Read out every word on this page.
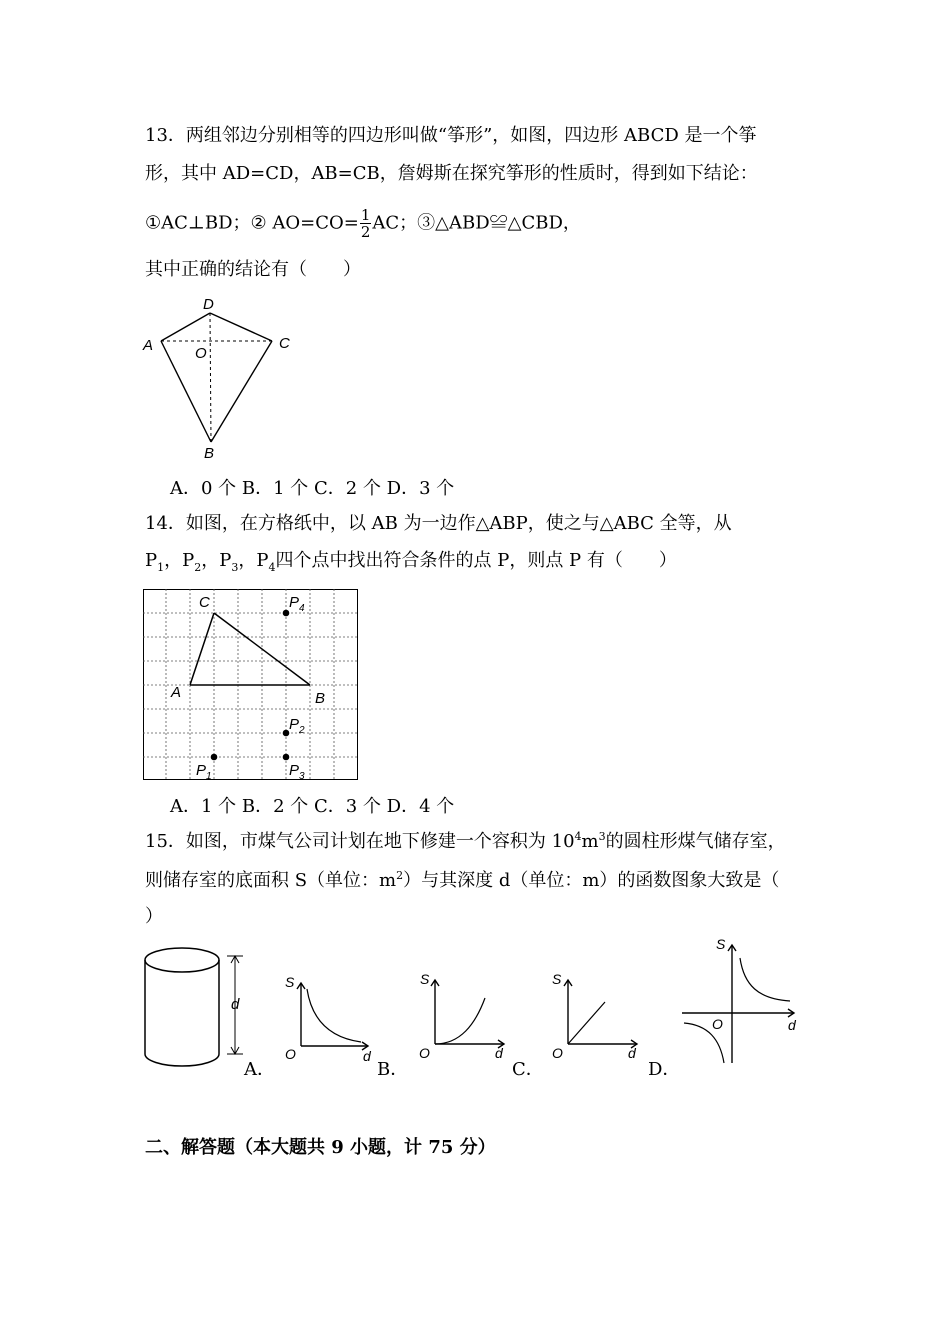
13．两组邻边分别相等的四边形叫做“筝形”，如图，四边形 ABCD 是一个筝
形，其中 AD=CD，AB=CB，詹姆斯在探究筝形的性质时，得到如下结论：
①AC⊥BD；② $AO=CO= \frac{1}{2}$ AC；③△ABD≌△CBD，
其中正确的结论有（　　）
A
D
C
O
B
A．0 个 B．1 个 C．2 个 D．3 个
14．如图，在方格纸中，以 AB 为一边作△ABP，使之与△ABC 全等，从
$P_1$，$P_2$，$P_3$，$P_4$四个点中找出符合条件的点 P，则点 P 有（　　）
C
A	B
$P_4$
$P_2$
$P_3$
$P_1$
A．1 个 B．2 个 C．3 个 D．4 个
15．如图，市煤气公司计划在地下修建一个容积为 $10^4m^3$的圆柱形煤气储存室，
则储存室的底面积 S（单位：$m^2$）与其深度 d（单位：m）的函数图象大致是（
）
d
S
O	d
A．
S
O	d
B．
S
O	d
C．
S
O	d
D．
二、解答题（本大题共 9 小题，计 75 分）
